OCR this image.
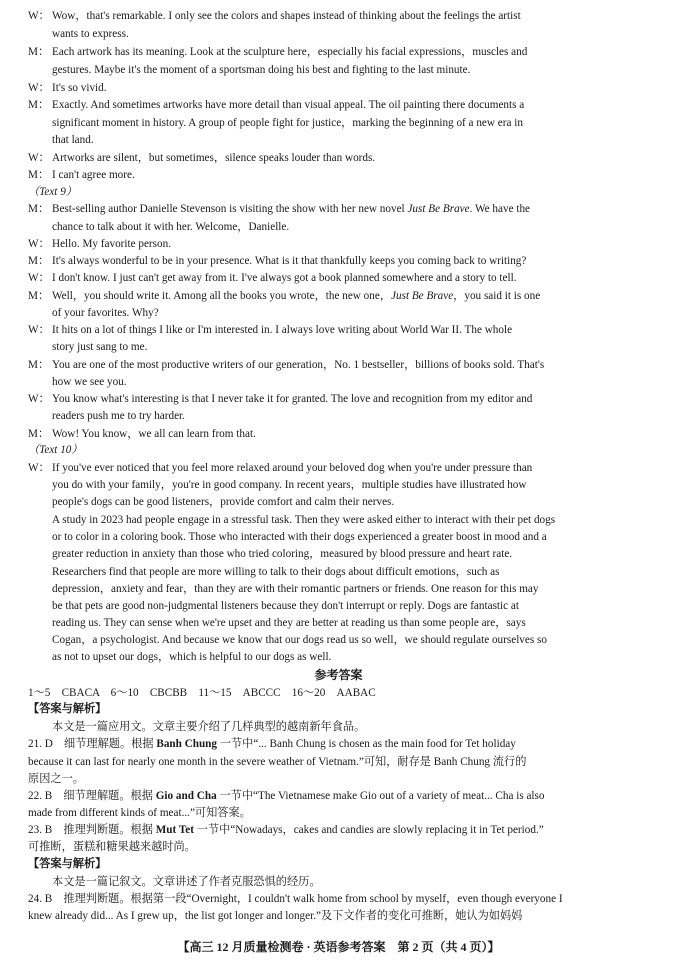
W： Wow，that's remarkable. I only see the colors and shapes instead of thinking about the feelings the artist
wants to express.
M： Each artwork has its meaning. Look at the sculpture here，especially his facial expressions，muscles and
gestures. Maybe it's the moment of a sportsman doing his best and fighting to the last minute.
W： It's so vivid.
M： Exactly. And sometimes artworks have more detail than visual appeal. The oil painting there documents a
significant moment in history. A group of people fight for justice，marking the beginning of a new era in
that land.
W： Artworks are silent，but sometimes，silence speaks louder than words.
M： I can't agree more.
（Text 9）
M： Best-selling author Danielle Stevenson is visiting the show with her new novel Just Be Brave. We have the
chance to talk about it with her. Welcome，Danielle.
W： Hello. My favorite person.
M： It's always wonderful to be in your presence. What is it that thankfully keeps you coming back to writing?
W： I don't know. I just can't get away from it. I've always got a book planned somewhere and a story to tell.
M： Well，you should write it. Among all the books you wrote，the new one，Just Be Brave，you said it is one
of your favorites. Why?
W： It hits on a lot of things I like or I'm interested in. I always love writing about World War II. The whole
story just sang to me.
M： You are one of the most productive writers of our generation，No. 1 bestseller，billions of books sold. That's
how we see you.
W： You know what's interesting is that I never take it for granted. The love and recognition from my editor and
readers push me to try harder.
M： Wow! You know，we all can learn from that.
（Text 10）
W： If you've ever noticed that you feel more relaxed around your beloved dog when you're under pressure than
you do with your family，you're in good company. In recent years，multiple studies have illustrated how
people's dogs can be good listeners，provide comfort and calm their nerves.
A study in 2023 had people engage in a stressful task. Then they were asked either to interact with their pet dogs
or to color in a coloring book. Those who interacted with their dogs experienced a greater boost in mood and a
greater reduction in anxiety than those who tried coloring，measured by blood pressure and heart rate.
Researchers find that people are more willing to talk to their dogs about difficult emotions，such as
depression，anxiety and fear，than they are with their romantic partners or friends. One reason for this may
be that pets are good non-judgmental listeners because they don't interrupt or reply. Dogs are fantastic at
reading us. They can sense when we're upset and they are better at reading us than some people are，says
Cogan，a psychologist. And because we know that our dogs read us so well，we should regulate ourselves so
as not to upset our dogs，which is helpful to our dogs as well.
参考答案
1～5　CBACA　6～10　CBCBB　11～15　ABCCC　16～20　AABAC
【答案与解析】
本文是一篇应用文。文章主要介绍了几样典型的越南新年食品。
21. D　细节理解题。根据 Banh Chung 一节中“... Banh Chung is chosen as the main food for Tet holiday
because it can last for nearly one month in the severe weather of Vietnam.”可知，耐存是 Banh Chung 流行的
原因之一。
22. B　细节理解题。根据 Gio and Cha 一节中“The Vietnamese make Gio out of a variety of meat... Cha is also
made from different kinds of meat...”可知答案。
23. B　推理判断题。根据 Mut Tet 一节中“Nowadays，cakes and candies are slowly replacing it in Tet period.”
可推断，蛋糕和糖果越来越时尚。
【答案与解析】
本文是一篇记叙文。文章讲述了作者克服恐惧的经历。
24. B　推理判断题。根据第一段“Overnight，I couldn't walk home from school by myself，even though everyone I
knew already did... As I grew up，the list got longer and longer.”及下文作者的变化可推断，她认为如妈妈
【高三 12 月质量检测卷 · 英语参考答案　第 2 页（共 4 页）】
